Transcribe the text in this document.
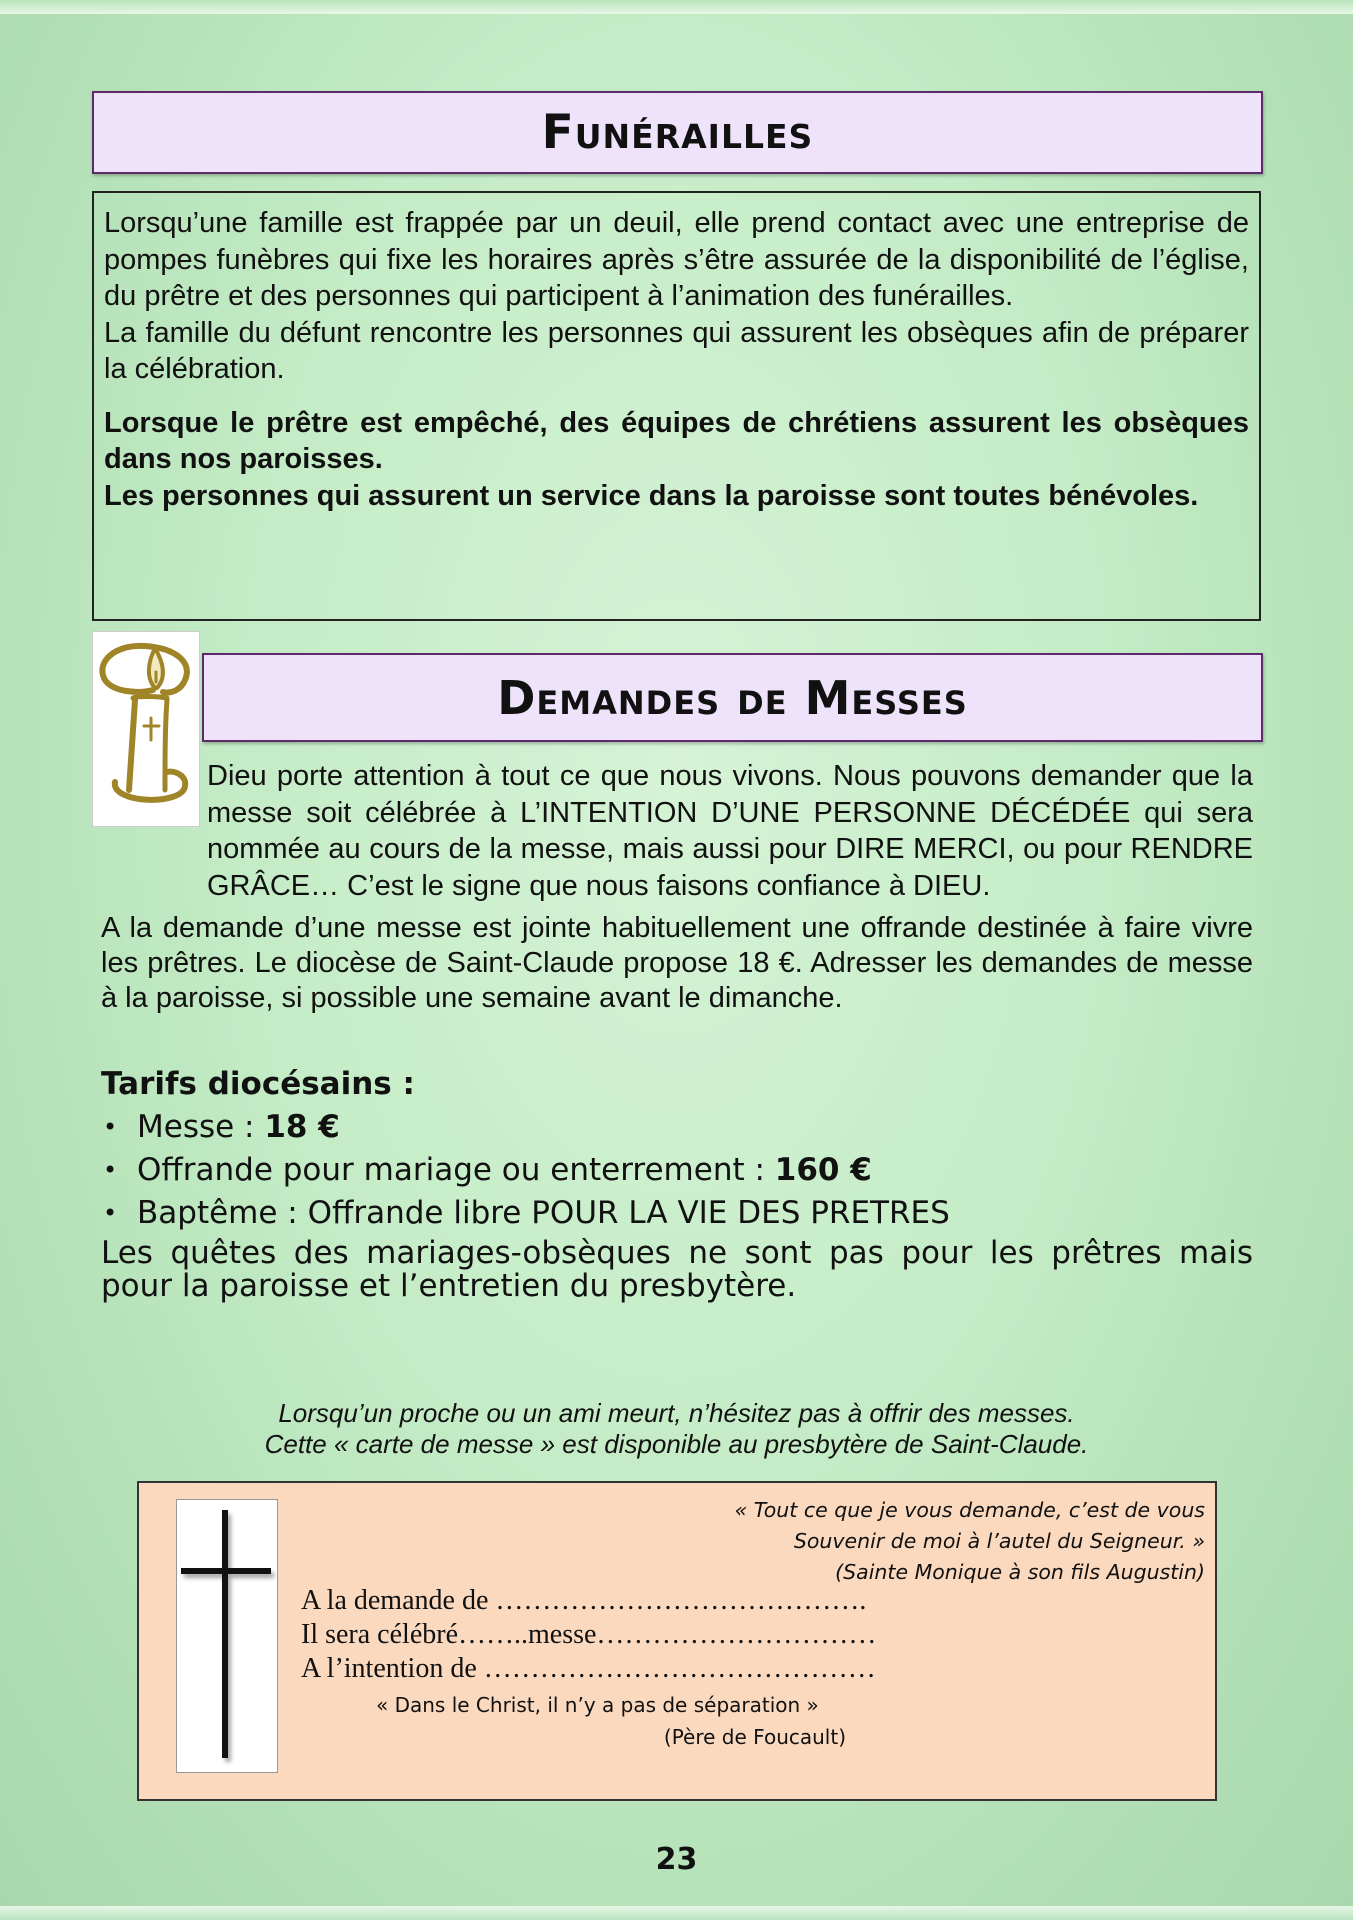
Funérailles

Lorsqu’une famille est frappée par un deuil, elle prend contact avec une entreprise de pompes funèbres qui fixe les horaires après s’être assurée de la disponibilité de l’église, du prêtre et des personnes qui participent à l’animation des funérailles.

La famille du défunt rencontre les personnes qui assurent les obsèques afin de préparer la célébration.

Lorsque le prêtre est empêché, des équipes de chrétiens assurent les obsèques dans nos paroisses.

Les personnes qui assurent un service dans la paroisse sont toutes bénévoles.

Demandes de Messes

Dieu porte attention à tout ce que nous vivons. Nous pouvons demander que la messe soit célébrée à L’INTENTION D’UNE PERSONNE DÉCÉDÉE qui sera nommée au cours de la messe, mais aussi pour DIRE MERCI, ou pour RENDRE GRÂCE… C’est le signe que nous faisons confiance à DIEU.

A la demande d’une messe est jointe habituellement une offrande destinée à faire vivre les prêtres. Le diocèse de Saint-Claude propose 18 €. Adresser les demandes de messe à la paroisse, si possible une semaine avant le dimanche.

Tarifs diocésains :
• Messe : 18 €
• Offrande pour mariage ou enterrement : 160 €
• Baptême : Offrande libre POUR LA VIE DES PRETRES
Les quêtes des mariages-obsèques ne sont pas pour les prêtres mais pour la paroisse et l’entretien du presbytère.
Lorsqu’un proche ou un ami meurt, n’hésitez pas à offrir des messes.
Cette « carte de messe » est disponible au presbytère de Saint-Claude.
« Tout ce que je vous demande, c’est de vous
Souvenir de moi à l’autel du Seigneur. »
(Sainte Monique à son fils Augustin)
A la demande de ………………………………….
Il sera célébré……..messe…………………………
A l’intention de ……………………………………
« Dans le Christ, il n’y a pas de séparation »
(Père de Foucault)
23
